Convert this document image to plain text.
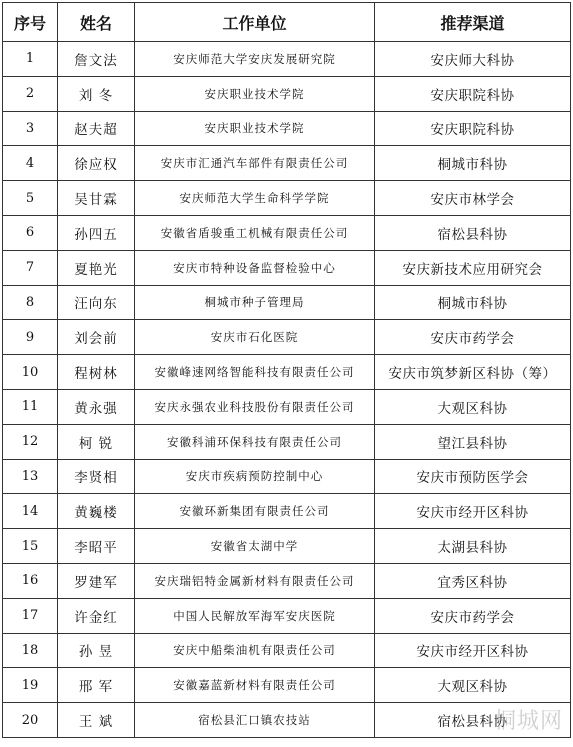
序号	姓名	工作单位	推荐渠道
1	詹文法	安庆师范大学安庆发展研究院	安庆师大科协
2	刘 冬	安庆职业技术学院	安庆职院科协
3	赵夫超	安庆职业技术学院	安庆职院科协
4	徐应权	安庆市汇通汽车部件有限责任公司	桐城市科协
5	吴甘霖	安庆师范大学生命科学学院	安庆市林学会
6	孙四五	安徽省盾骏重工机械有限责任公司	宿松县科协
7	夏艳光	安庆市特种设备监督检验中心	安庆新技术应用研究会
8	汪向东	桐城市种子管理局	桐城市科协
9	刘会前	安庆市石化医院	安庆市药学会
10	程树林	安徽峰速网络智能科技有限责任公司	安庆市筑梦新区科协（筹）
11	黄永强	安庆永强农业科技股份有限责任公司	大观区科协
12	柯 锐	安徽科浦环保科技有限责任公司	望江县科协
13	李贤相	安庆市疾病预防控制中心	安庆市预防医学会
14	黄巍楼	安徽环新集团有限责任公司	安庆市经开区科协
15	李昭平	安徽省太湖中学	太湖县科协
16	罗建军	安庆瑞铝特金属新材料有限责任公司	宜秀区科协
17	许金红	中国人民解放军海军安庆医院	安庆市药学会
18	孙 昱	安庆中船柴油机有限责任公司	安庆市经开区科协
19	邢 军	安徽嘉蓝新材料有限责任公司	大观区科协
20	王 斌	宿松县汇口镇农技站	宿松县科协
桐城网
